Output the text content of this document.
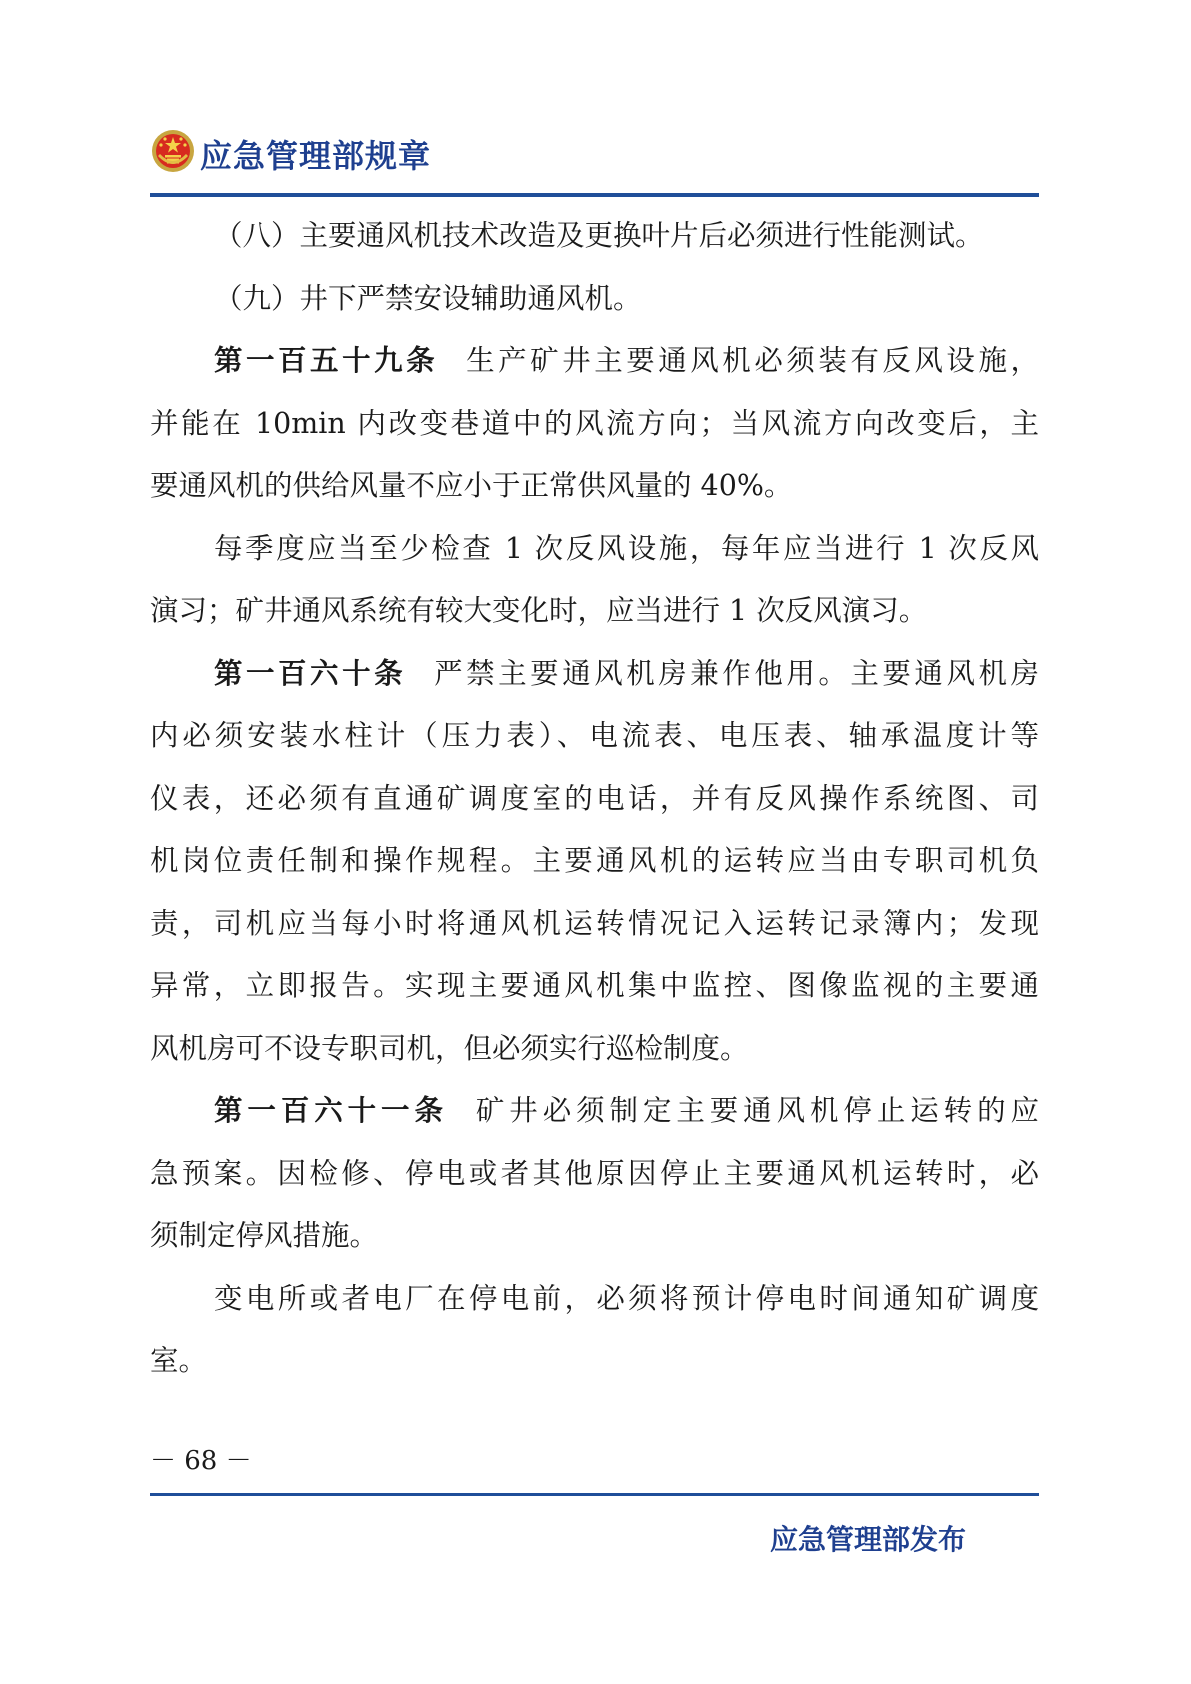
应急管理部规章
（八）主要通风机技术改造及更换叶片后必须进行性能测试。
（九）井下严禁安设辅助通风机。
第一百五十九条 生产矿井主要通风机必须装有反风设施，
并能在 10min 内改变巷道中的风流方向；当风流方向改变后，主
要通风机的供给风量不应小于正常供风量的 40%。
每季度应当至少检查 1 次反风设施，每年应当进行 1 次反风
演习；矿井通风系统有较大变化时，应当进行 1 次反风演习。
第一百六十条 严禁主要通风机房兼作他用。主要通风机房
内必须安装水柱计（压力表）、电流表、电压表、轴承温度计等
仪表，还必须有直通矿调度室的电话，并有反风操作系统图、司
机岗位责任制和操作规程。主要通风机的运转应当由专职司机负
责，司机应当每小时将通风机运转情况记入运转记录簿内；发现
异常，立即报告。实现主要通风机集中监控、图像监视的主要通
风机房可不设专职司机，但必须实行巡检制度。
第一百六十一条 矿井必须制定主要通风机停止运转的应
急预案。因检修、停电或者其他原因停止主要通风机运转时，必
须制定停风措施。
变电所或者电厂在停电前，必须将预计停电时间通知矿调度
室。
－ 68 －
应急管理部发布
